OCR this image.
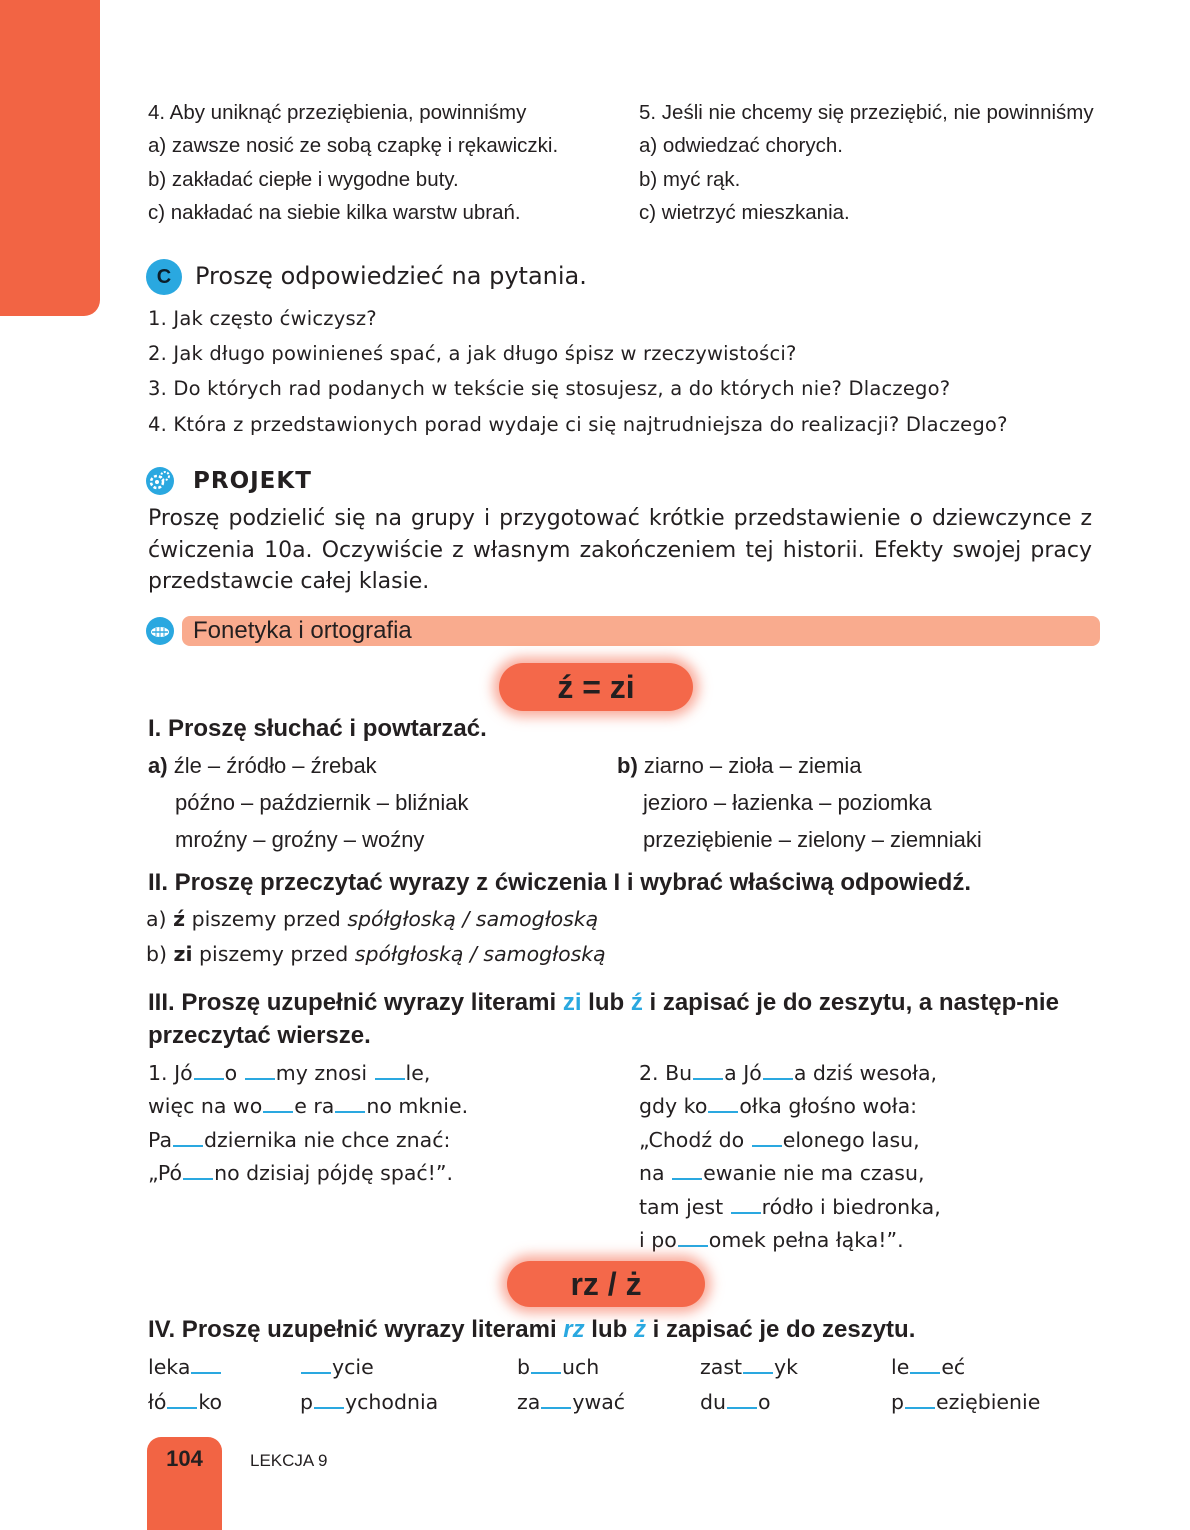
4. Aby uniknąć przeziębienia, powinniśmy
a) zawsze nosić ze sobą czapkę i rękawiczki.
b) zakładać ciepłe i wygodne buty.
c) nakładać na siebie kilka warstw ubrań.
5. Jeśli nie chcemy się przeziębić, nie powinniśmy
a) odwiedzać chorych.
b) myć rąk.
c) wietrzyć mieszkania.
C Proszę odpowiedzieć na pytania.
1. Jak często ćwiczysz?
2. Jak długo powinieneś spać, a jak długo śpisz w rzeczywistości?
3. Do których rad podanych w tekście się stosujesz, a do których nie? Dlaczego?
4. Która z przedstawionych porad wydaje ci się najtrudniejsza do realizacji? Dlaczego?
PROJEKT
Proszę podzielić się na grupy i przygotować krótkie przedstawienie o dziewczynce z ćwiczenia 10a. Oczywiście z własnym zakończeniem tej historii. Efekty swojej pracy przedstawcie całej klasie.
Fonetyka i ortografia
ź = zi
I. Proszę słuchać i powtarzać.
a) źle – źródło – źrebak
późno – październik – bliźniak
mroźny – groźny – woźny
b) ziarno – zioła – ziemia
jezioro – łazienka – poziomka
przeziębienie – zielony – ziemniaki
II. Proszę przeczytać wyrazy z ćwiczenia I i wybrać właściwą odpowiedź.
a) ź piszemy przed spółgłoską / samogłoską
b) zi piszemy przed spółgłoską / samogłoską
III. Proszę uzupełnić wyrazy literami zi lub ź i zapisać je do zeszytu, a następ-nie przeczytać wiersze.
1. Jó o my znosi le,
więc na wo e ra no mknie.
Pa dziernika nie chce znać:
„Pó no dzisiaj pójdę spać!”.
2. Bu a Jó a dziś wesoła,
gdy ko ołka głośno woła:
„Chodź do elonego lasu,
na ewanie nie ma czasu,
tam jest ródło i biedronka,
i po omek pełna łąka!”.
rz / ż
IV. Proszę uzupełnić wyrazy literami rz lub ż i zapisać je do zeszytu.
leka	ycie	b uch	zast yk	le eć
łó ko	p ychodnia	za ywać	du o	p eziębienie
104	LEKCJA 9
